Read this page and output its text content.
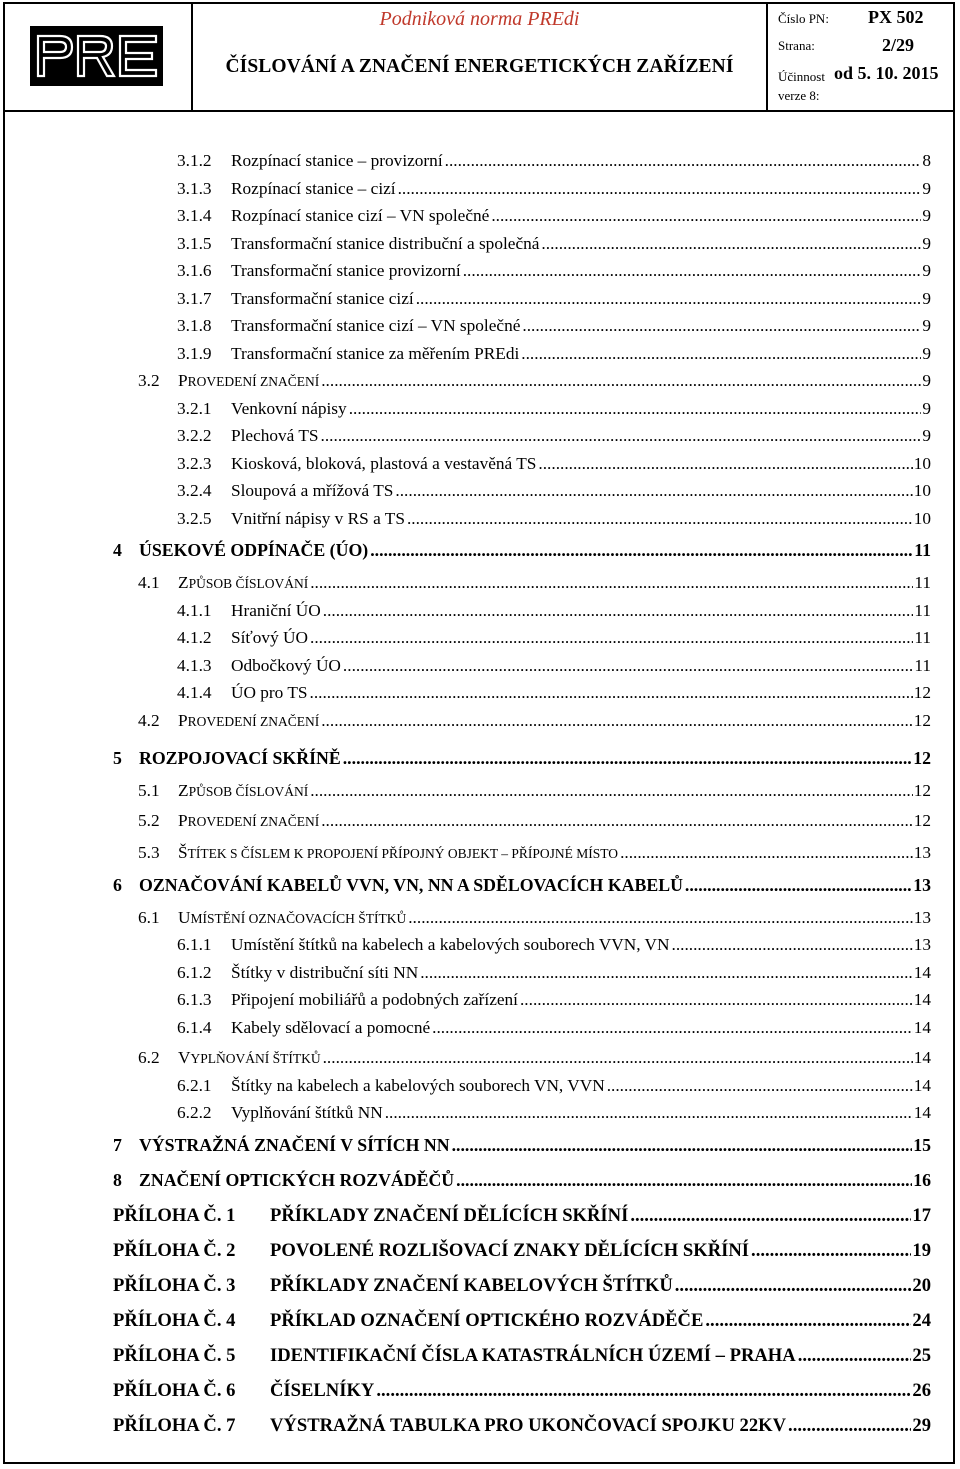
Podniková norma PREdi
ČÍSLOVÁNÍ A ZNAČENÍ ENERGETICKÝCH ZAŘÍZENÍ
Číslo PN: PX 502
Strana:	2/29
Účinnost od 5. 10. 2015
verze 8:
3.1.2	Rozpínací stanice – provizorní .....	8
3.1.3	Rozpínací stanice – cizí .....	9
3.1.4	Rozpínací stanice cizí – VN společné .....	9
3.1.5	Transformační stanice distribuční a společná .....	9
3.1.6	Transformační stanice provizorní .....	9
3.1.7	Transformační stanice cizí .....	9
3.1.8	Transformační stanice cizí – VN společné .....	9
3.1.9	Transformační stanice za měřením PREdi .....	9
3.2	PROVEDENÍ ZNAČENÍ .....	9
3.2.1	Venkovní nápisy .....	9
3.2.2	Plechová TS .....	9
3.2.3	Kiosková, bloková, plastová a vestavěná TS .....	10
3.2.4	Sloupová a mřížová TS .....	10
3.2.5	Vnitřní nápisy v RS a TS .....	10
4 ÚSEKOVÉ ODPÍNAČE (ÚO) .....	11
4.1	ZPŮSOB ČÍSLOVÁNÍ .....	11
4.1.1	Hraniční ÚO .....	11
4.1.2	Síťový ÚO .....	11
4.1.3	Odbočkový ÚO .....	11
4.1.4	ÚO pro TS .....	12
4.2	PROVEDENÍ ZNAČENÍ .....	12
5 ROZPOJOVACÍ SKŘÍNĚ .....	12
5.1	ZPŮSOB ČÍSLOVÁNÍ .....	12
5.2	PROVEDENÍ ZNAČENÍ .....	12
5.3	ŠTÍTEK S ČÍSLEM K PROPOJENÍ PŘÍPOJNÝ OBJEKT – PŘÍPOJNÉ MÍSTO .....	13
6 OZNAČOVÁNÍ KABELŮ VVN, VN, NN A SDĚLOVACÍCH KABELŮ .....	13
6.1	UMÍSTĚNÍ OZNAČOVACÍCH ŠTÍTKŮ .....	13
6.1.1	Umístění štítků na kabelech a kabelových souborech VVN, VN .....	13
6.1.2	Štítky v distribuční síti NN .....	14
6.1.3	Připojení mobiliářů a podobných zařízení .....	14
6.1.4	Kabely sdělovací a pomocné .....	14
6.2	VYPLŇOVÁNÍ ŠTÍTKŮ .....	14
6.2.1	Štítky na kabelech a kabelových souborech VN, VVN .....	14
6.2.2	Vyplňování štítků NN .....	14
7 VÝSTRAŽNÁ ZNAČENÍ V SÍTÍCH NN .....	15
8 ZNAČENÍ OPTICKÝCH ROZVÁDĚČŮ .....	16
PŘÍLOHA Č. 1	PŘÍKLADY ZNAČENÍ DĚLÍCÍCH SKŘÍNÍ .....	17
PŘÍLOHA Č. 2	POVOLENÉ ROZLIŠOVACÍ ZNAKY DĚLÍCÍCH SKŘÍNÍ .....	19
PŘÍLOHA Č. 3	PŘÍKLADY ZNAČENÍ KABELOVÝCH ŠTÍTKŮ .....	20
PŘÍLOHA Č. 4	PŘÍKLAD OZNAČENÍ OPTICKÉHO ROZVÁDĚČE .....	24
PŘÍLOHA Č. 5	IDENTIFIKAČNÍ ČÍSLA KATASTRÁLNÍCH ÚZEMÍ – PRAHA .....	25
PŘÍLOHA Č. 6	ČÍSELNÍKY .....	26
PŘÍLOHA Č. 7	VÝSTRAŽNÁ TABULKA PRO UKONČOVACÍ SPOJKU 22KV .....	29
